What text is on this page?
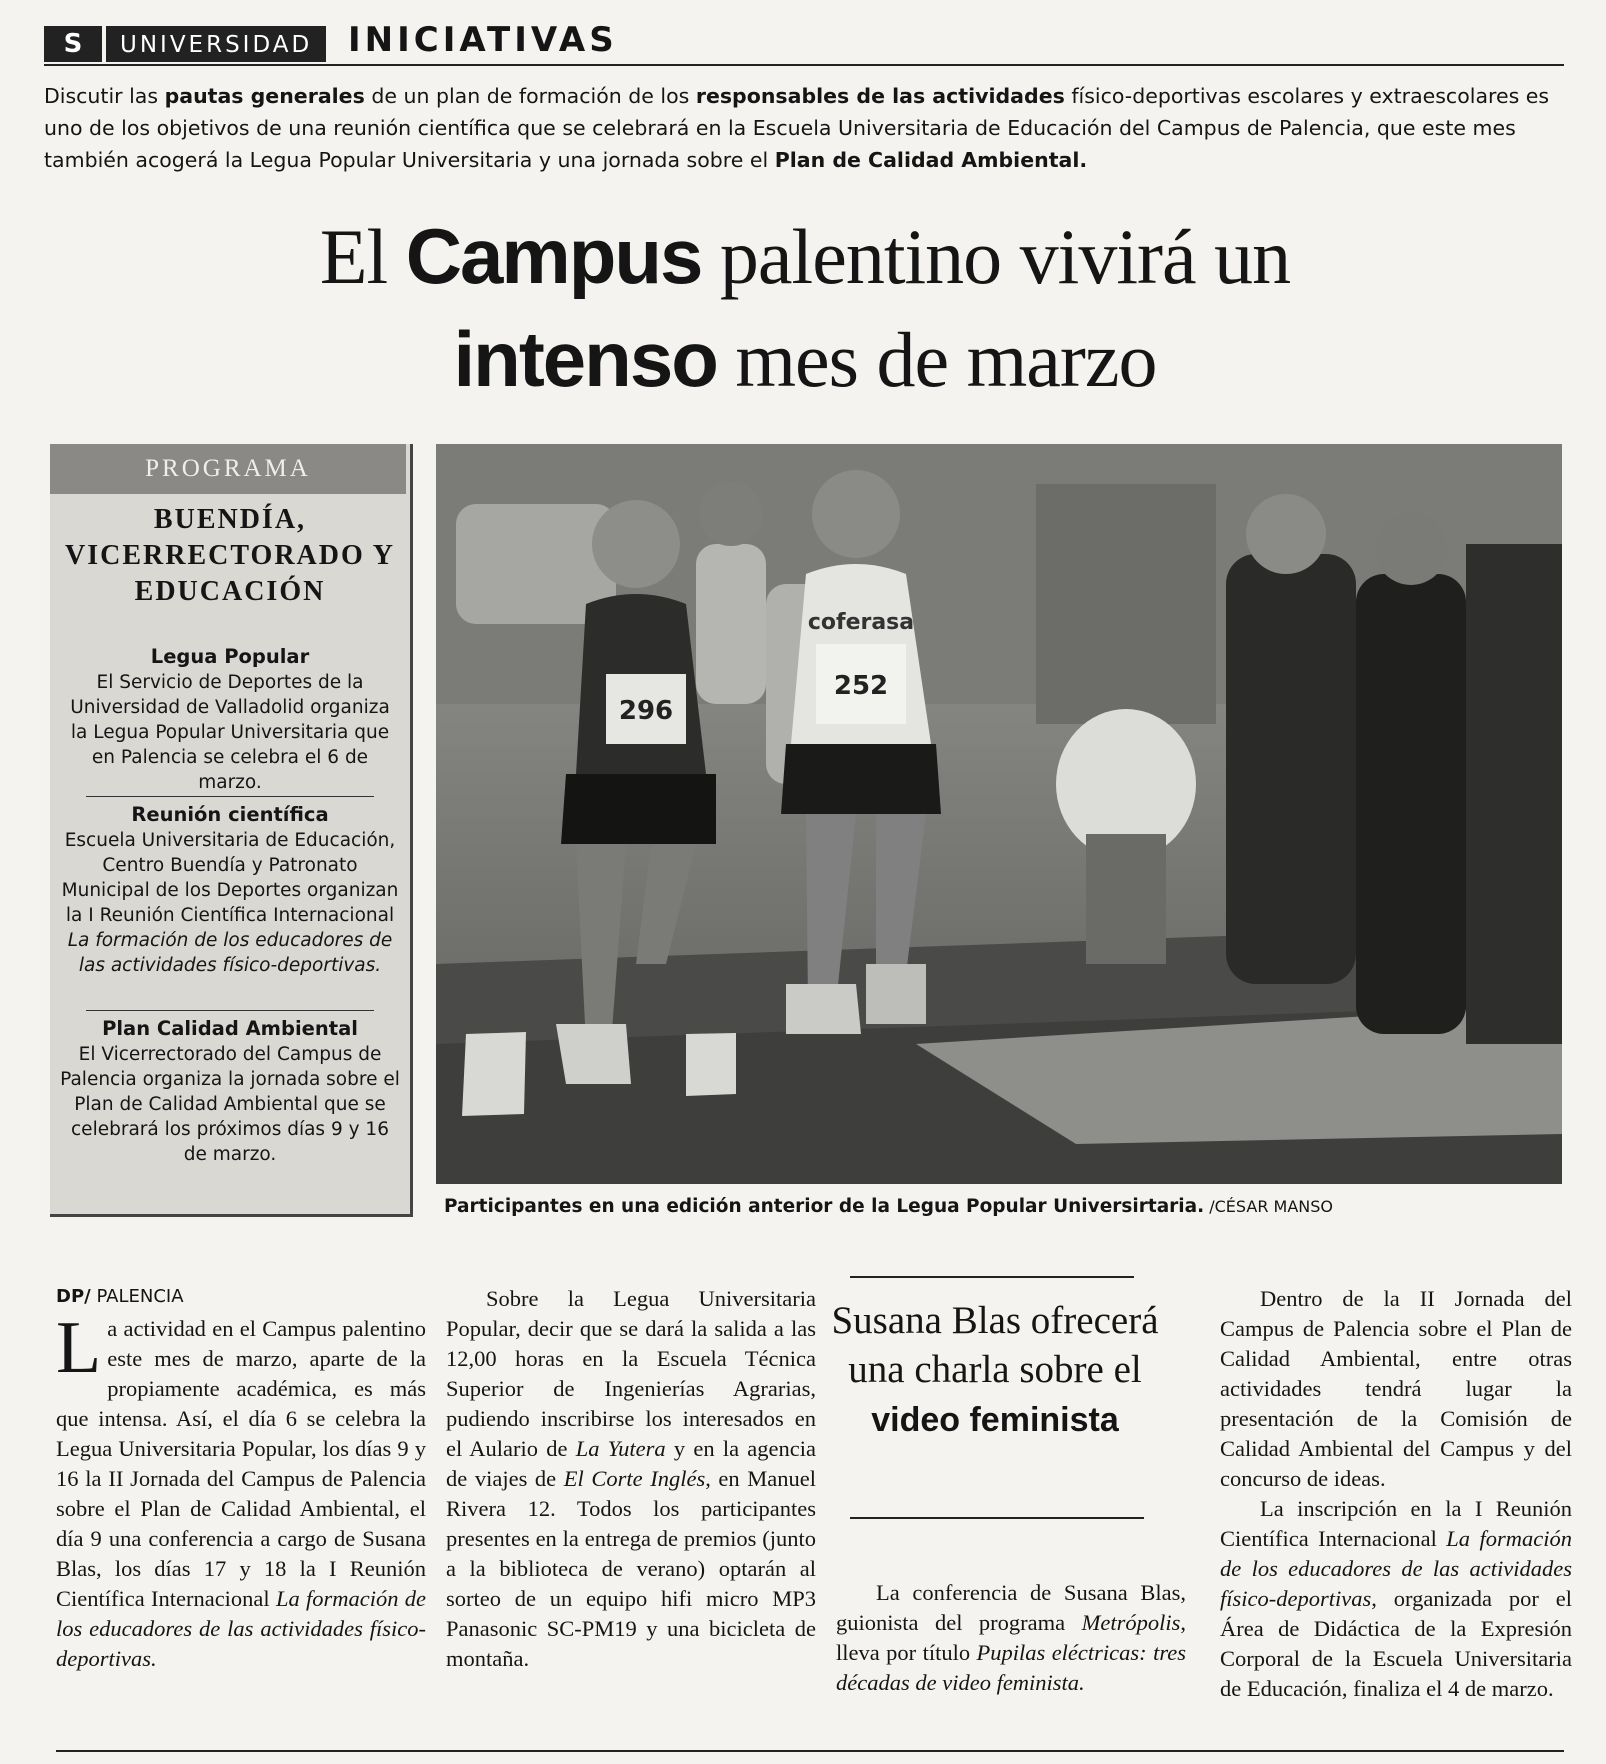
S	UNIVERSIDAD	INICIATIVAS
Discutir las pautas generales de un plan de formación de los responsables de las actividades físico-deportivas escolares y extraescolares es uno de los objetivos de una reunión científica que se celebrará en la Escuela Universitaria de Educación del Campus de Palencia, que este mes también acogerá la Legua Popular Universitaria y una jornada sobre el Plan de Calidad Ambiental.
El Campus palentino vivirá un
intenso mes de marzo
PROGRAMA
BUENDÍA, VICERRECTORADO Y EDUCACIÓN
Legua Popular
El Servicio de Deportes de la Universidad de Valladolid organiza la Legua Popular Universitaria que en Palencia se celebra el 6 de marzo.
Reunión científica
Escuela Universitaria de Educación, Centro Buendía y Patronato Municipal de los Deportes organizan la I Reunión Científica Internacional La formación de los educadores de las actividades físico-deportivas.
Plan Calidad Ambiental
El Vicerrectorado del Campus de Palencia organiza la jornada sobre el Plan de Calidad Ambiental que se celebrará los próximos días 9 y 16 de marzo.
296
252
coferasa
Participantes en una edición anterior de la Legua Popular Universirtaria. /CÉSAR MANSO
DP/ PALENCIA

La actividad en el Campus palentino este mes de marzo, aparte de la propiamente académica, es más que intensa. Así, el día 6 se celebra la Legua Universitaria Popular, los días 9 y 16 la II Jornada del Campus de Palencia sobre el Plan de Calidad Ambiental, el día 9 una conferencia a cargo de Susana Blas, los días 17 y 18 la I Reunión Científica Internacional La formación de los educadores de las actividades físico-deportivas.

Sobre la Legua Universitaria Popular, decir que se dará la salida a las 12,00 horas en la Escuela Técnica Superior de Ingenierías Agrarias, pudiendo inscribirse los interesados en el Aulario de La Yutera y en la agencia de viajes de El Corte Inglés, en Manuel Rivera 12. Todos los participantes presentes en la entrega de premios (junto a la biblioteca de verano) optarán al sorteo de un equipo hifi micro MP3 Panasonic SC-PM19 y una bicicleta de montaña.

Susana Blas ofrecerá una charla sobre el
video feminista

La conferencia de Susana Blas, guionista del programa Metrópolis, lleva por título Pupilas eléctricas: tres décadas de video feminista.

Dentro de la II Jornada del Campus de Palencia sobre el Plan de Calidad Ambiental, entre otras actividades tendrá lugar la presentación de la Comisión de Calidad Ambiental del Campus y del concurso de ideas.

La inscripción en la I Reunión Científica Internacional La formación de los educadores de las actividades físico-deportivas, organizada por el Área de Didáctica de la Expresión Corporal de la Escuela Universitaria de Educación, finaliza el 4 de marzo.
